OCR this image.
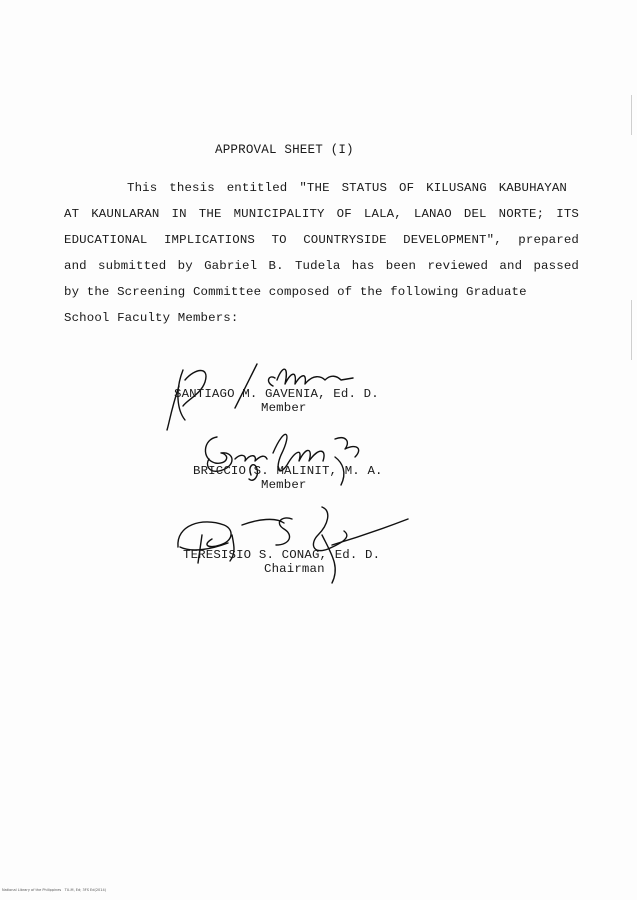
APPROVAL SHEET (I)
This thesis entitled "THE STATUS OF KILUSANG KABUHAYAN
AT KAUNLARAN IN THE MUNICIPALITY OF LALA, LANAO DEL NORTE; ITS
EDUCATIONAL IMPLICATIONS TO COUNTRYSIDE DEVELOPMENT", prepared
and submitted by Gabriel B. Tudela has been reviewed and passed
by the Screening Committee composed of the following Graduate
School Faculty Members:
SANTIAGO M. GAVENIA, Ed. D.
Member
BRICCIO S. MALINIT, M. A.
Member
TERESISIO S. CONAG, Ed. D.
Chairman
National Library of the Philippines   TU-M, Ed; 3FS Ed(2014)
